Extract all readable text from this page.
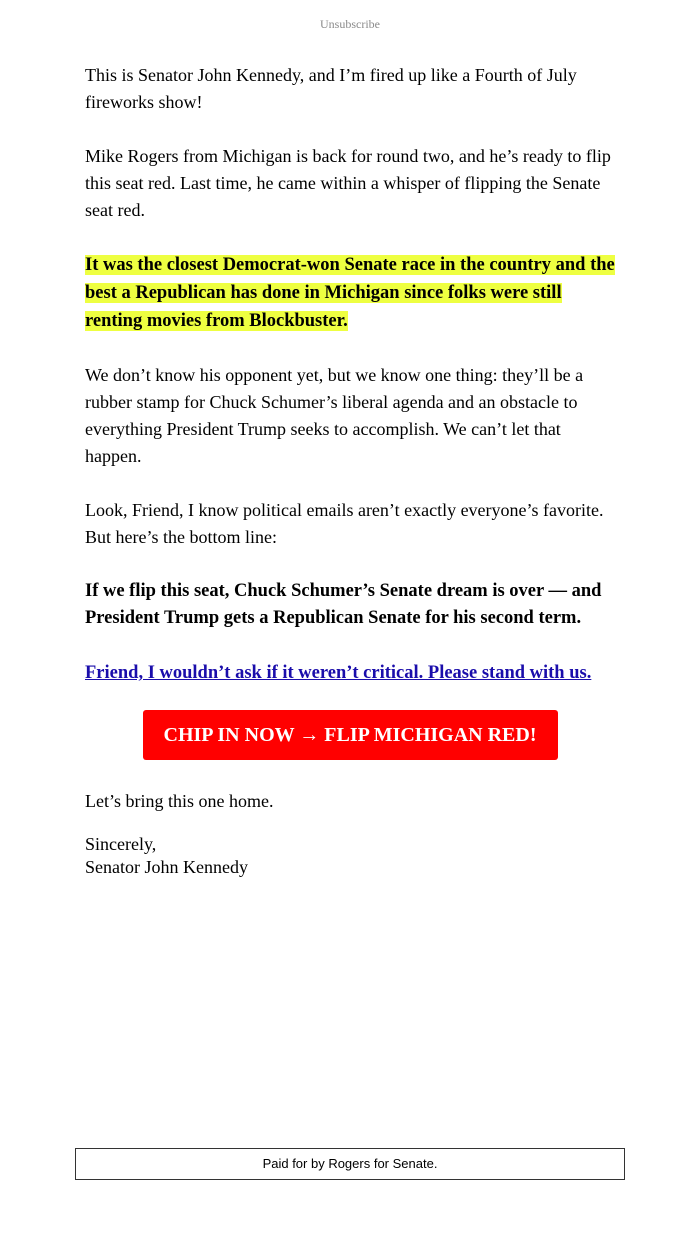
Unsubscribe

This is Senator John Kennedy, and I’m fired up like a Fourth of July fireworks show!

Mike Rogers from Michigan is back for round two, and he’s ready to flip this seat red. Last time, he came within a whisper of flipping the Senate seat red.

It was the closest Democrat-won Senate race in the country and the best a Republican has done in Michigan since folks were still renting movies from Blockbuster.

We don’t know his opponent yet, but we know one thing: they’ll be a rubber stamp for Chuck Schumer’s liberal agenda and an obstacle to everything President Trump seeks to accomplish. We can’t let that happen.

Look, Friend, I know political emails aren’t exactly everyone’s favorite. But here’s the bottom line:

If we flip this seat, Chuck Schumer’s Senate dream is over — and President Trump gets a Republican Senate for his second term.

Friend, I wouldn’t ask if it weren’t critical. Please stand with us.

CHIP IN NOW → FLIP MICHIGAN RED!

Let’s bring this one home.

Sincerely,
Senator John Kennedy
Paid for by Rogers for Senate.
